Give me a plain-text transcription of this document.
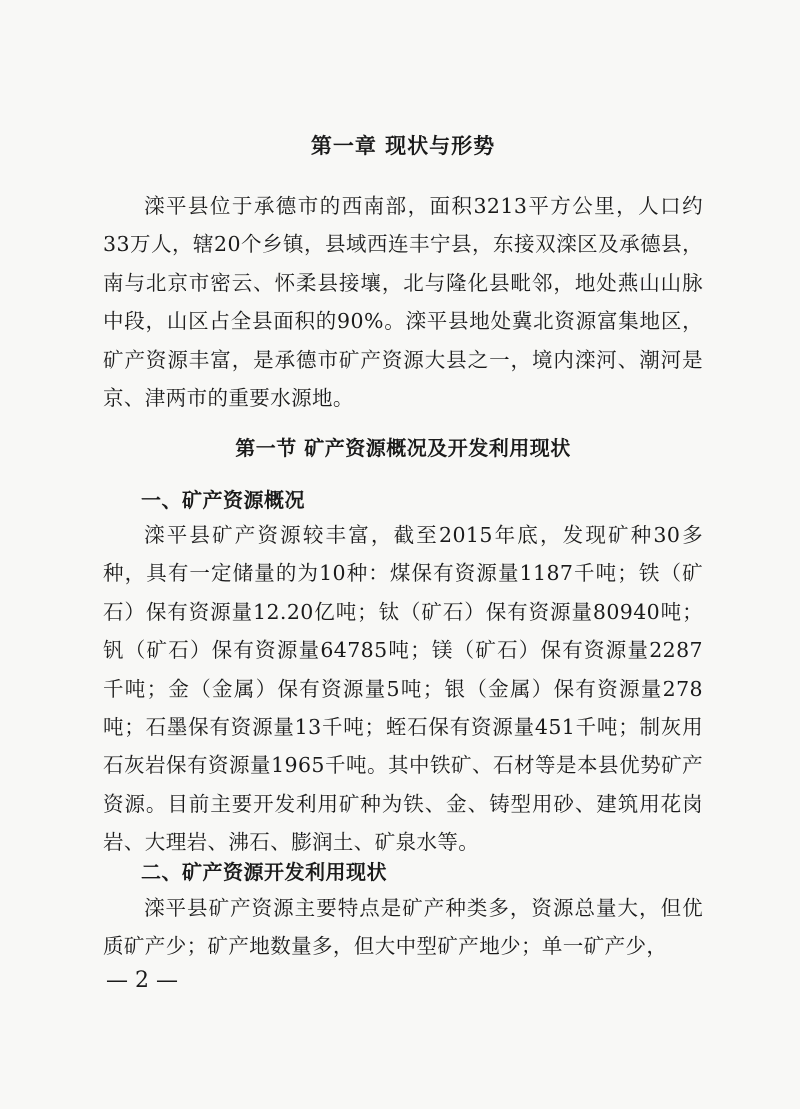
第一章 现状与形势
滦平县位于承德市的西南部，面积3213平方公里，人口约33万人，辖20个乡镇，县域西连丰宁县，东接双滦区及承德县，南与北京市密云、怀柔县接壤，北与隆化县毗邻，地处燕山山脉中段，山区占全县面积的90%。滦平县地处冀北资源富集地区，矿产资源丰富，是承德市矿产资源大县之一，境内滦河、潮河是京、津两市的重要水源地。
第一节 矿产资源概况及开发利用现状
一、矿产资源概况
滦平县矿产资源较丰富，截至2015年底，发现矿种30多种，具有一定储量的为10种：煤保有资源量1187千吨；铁（矿石）保有资源量12.20亿吨；钛（矿石）保有资源量80940吨；钒（矿石）保有资源量64785吨；镁（矿石）保有资源量2287千吨；金（金属）保有资源量5吨；银（金属）保有资源量278吨；石墨保有资源量13千吨；蛭石保有资源量451千吨；制灰用石灰岩保有资源量1965千吨。其中铁矿、石材等是本县优势矿产资源。目前主要开发利用矿种为铁、金、铸型用砂、建筑用花岗岩、大理岩、沸石、膨润土、矿泉水等。
二、矿产资源开发利用现状
滦平县矿产资源主要特点是矿产种类多，资源总量大，但优质矿产少；矿产地数量多，但大中型矿产地少；单一矿产少，
— 2 —
